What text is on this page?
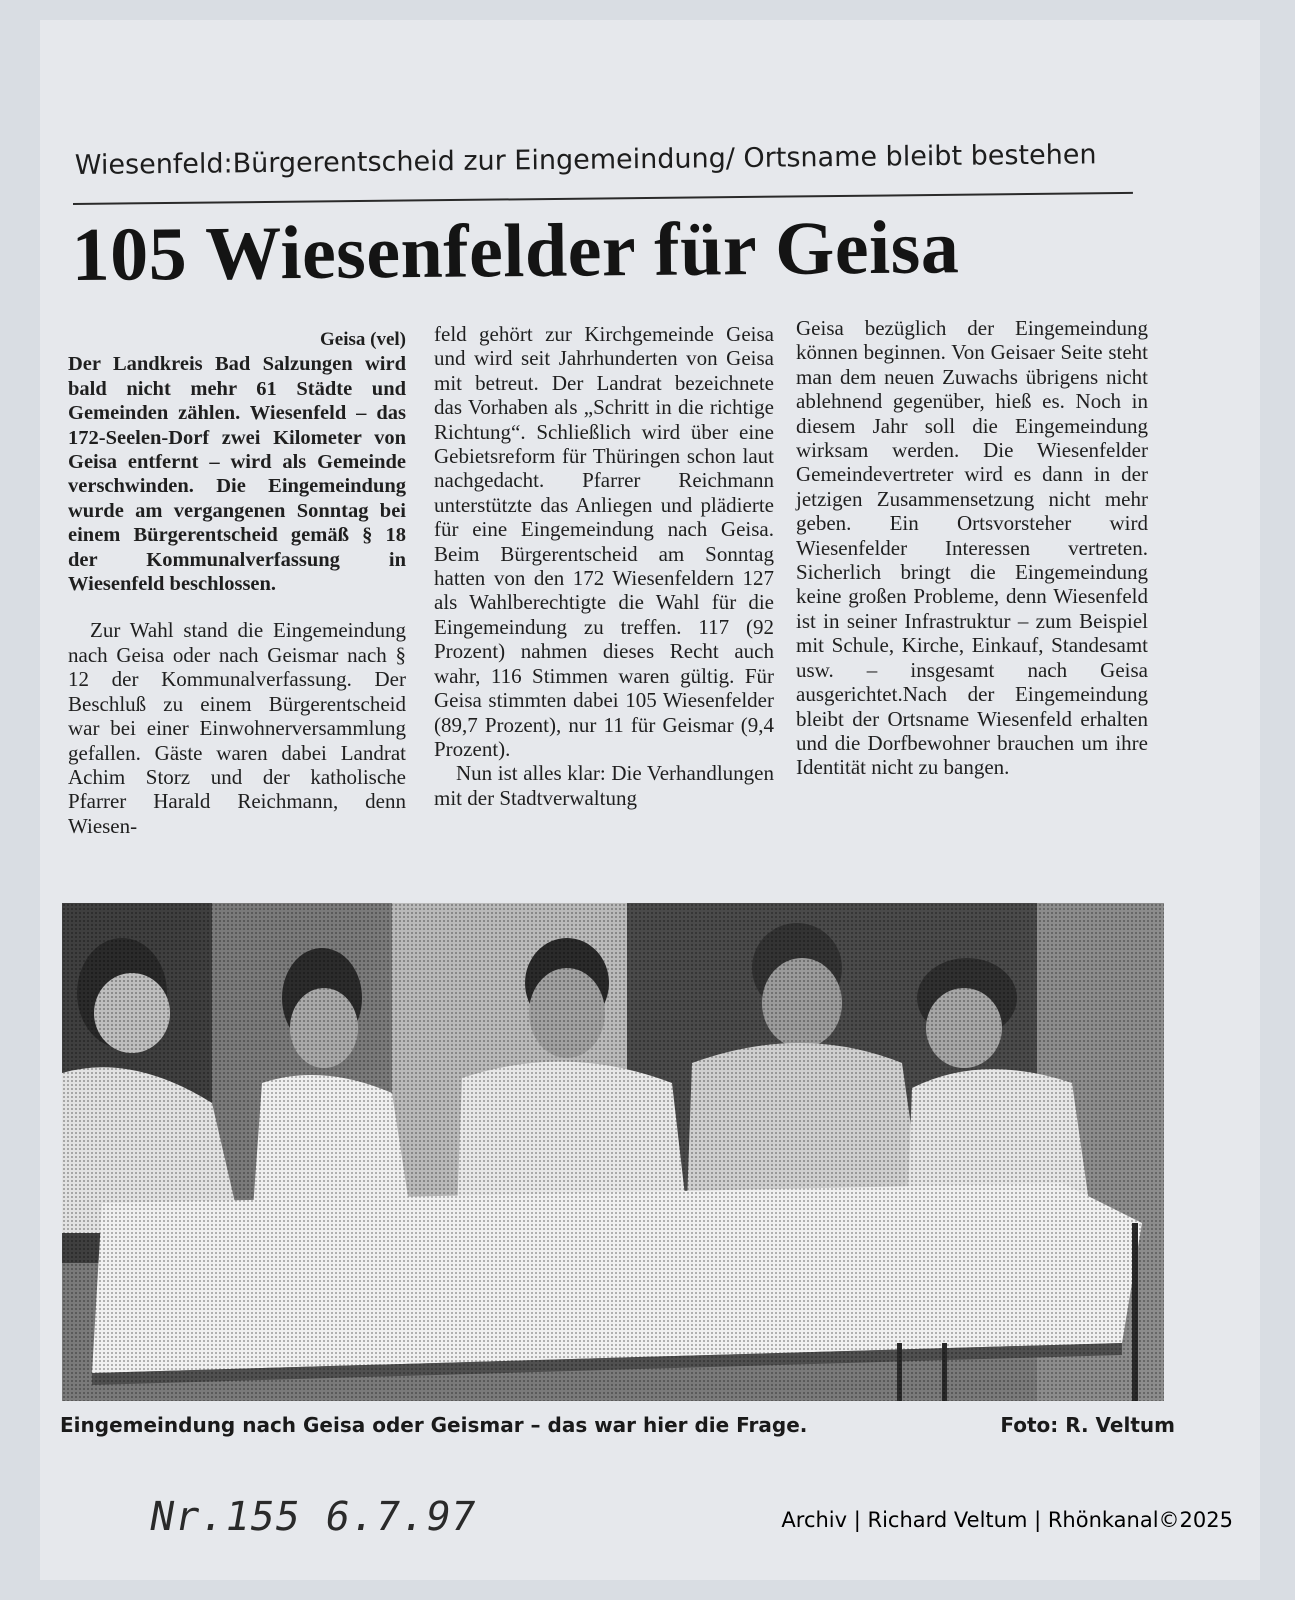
Wiesenfeld:Bürgerentscheid zur Eingemeindung/ Ortsname bleibt bestehen
105 Wiesenfelder für Geisa

Geisa (vel)

Der Landkreis Bad Salzungen wird bald nicht mehr 61 Städte und Gemeinden zählen. Wiesenfeld – das 172-Seelen-Dorf zwei Kilometer von Geisa entfernt – wird als Gemeinde verschwinden. Die Eingemeindung wurde am vergangenen Sonntag bei einem Bürgerentscheid gemäß § 18 der Kommunalverfassung in Wiesenfeld beschlossen.

Zur Wahl stand die Eingemeindung nach Geisa oder nach Geismar nach § 12 der Kommunalverfassung. Der Beschluß zu einem Bürgerentscheid war bei einer Einwohnerversammlung gefallen. Gäste waren dabei Landrat Achim Storz und der katholische Pfarrer Harald Reichmann, denn Wiesen-

feld gehört zur Kirchgemeinde Geisa und wird seit Jahrhunderten von Geisa mit betreut. Der Landrat bezeichnete das Vorhaben als „Schritt in die richtige Richtung“. Schließlich wird über eine Gebietsreform für Thüringen schon laut nachgedacht. Pfarrer Reichmann unterstützte das Anliegen und plädierte für eine Eingemeindung nach Geisa. Beim Bürgerentscheid am Sonntag hatten von den 172 Wiesenfeldern 127 als Wahlberechtigte die Wahl für die Eingemeindung zu treffen. 117 (92 Prozent) nahmen dieses Recht auch wahr, 116 Stimmen waren gültig. Für Geisa stimmten dabei 105 Wiesenfelder (89,7 Prozent), nur 11 für Geismar (9,4 Prozent).

Nun ist alles klar: Die Verhandlungen mit der Stadtverwaltung

Geisa bezüglich der Eingemeindung können beginnen. Von Geisaer Seite steht man dem neuen Zuwachs übrigens nicht ablehnend gegenüber, hieß es. Noch in diesem Jahr soll die Eingemeindung wirksam werden. Die Wiesenfelder Gemeindevertreter wird es dann in der jetzigen Zusammensetzung nicht mehr geben. Ein Ortsvorsteher wird Wiesenfelder Interessen vertreten. Sicherlich bringt die Eingemeindung keine großen Probleme, denn Wiesenfeld ist in seiner Infrastruktur – zum Beispiel mit Schule, Kirche, Einkauf, Standesamt usw. – insgesamt nach Geisa ausgerichtet.Nach der Eingemeindung bleibt der Ortsname Wiesenfeld erhalten und die Dorfbewohner brauchen um ihre Identität nicht zu bangen.

Eingemeindung nach Geisa oder Geismar – das war hier die Frage.	Foto: R. Veltum
Nr.155 6.7.97	Archiv | Richard Veltum | Rhönkanal©2025
